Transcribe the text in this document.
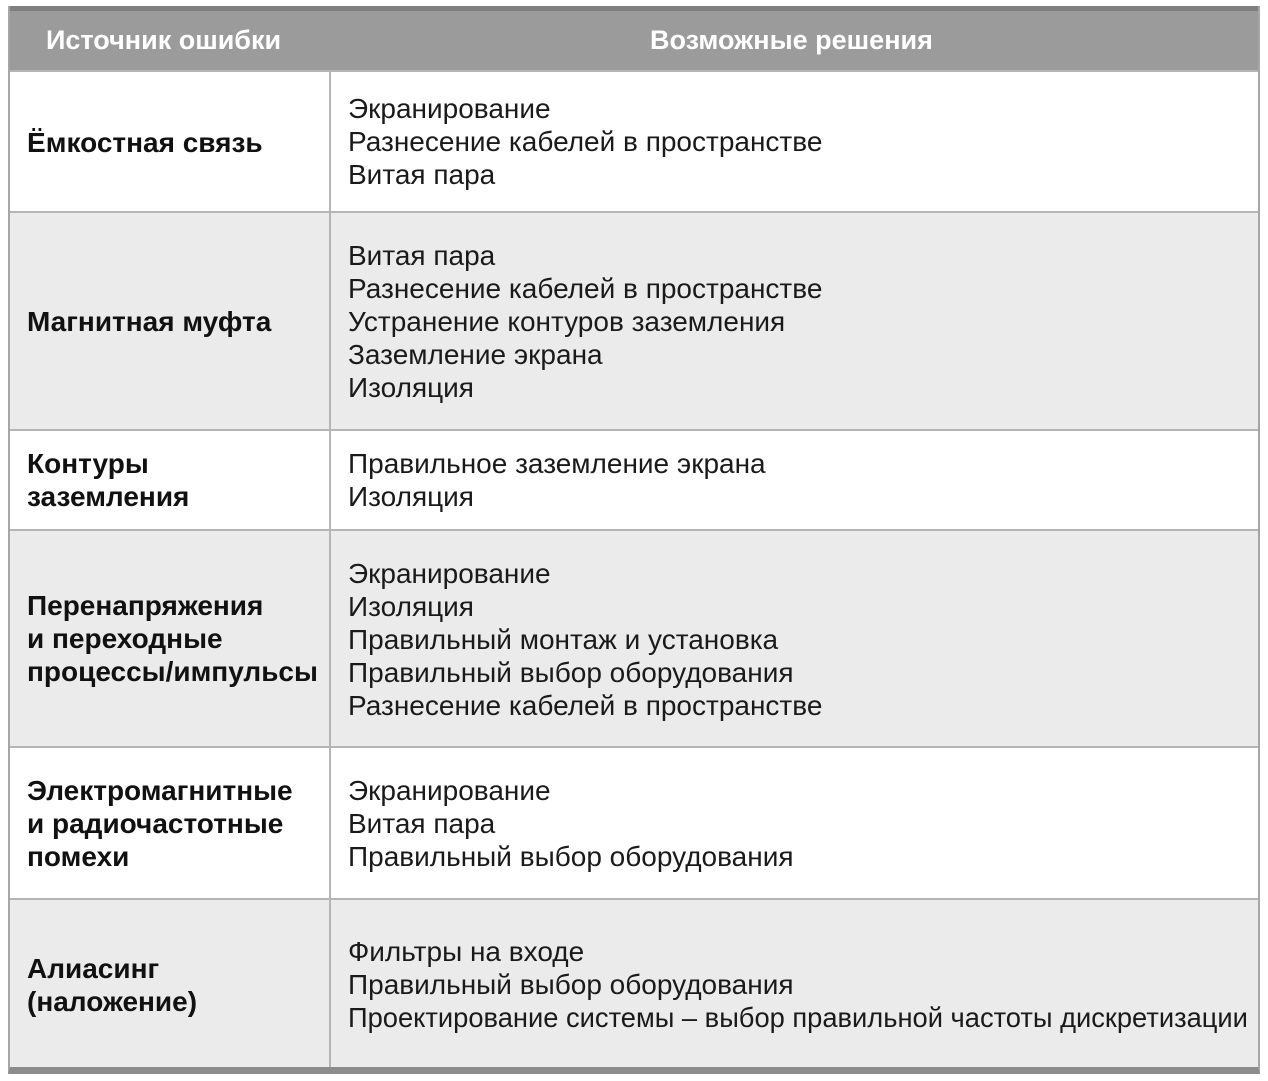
Источник ошибки	Возможные решения
Ёмкостная связь
Экранирование
Разнесение кабелей в пространстве
Витая пара
Магнитная муфта
Витая пара
Разнесение кабелей в пространстве
Устранение контуров заземления
Заземление экрана
Изоляция
Контуры
заземления
Правильное заземление экрана
Изоляция
Перенапряжения
и переходные
процессы/импульсы
Экранирование
Изоляция
Правильный монтаж и установка
Правильный выбор оборудования
Разнесение кабелей в пространстве
Электромагнитные
и радиочастотные
помехи
Экранирование
Витая пара
Правильный выбор оборудования
Алиасинг
(наложение)
Фильтры на входе
Правильный выбор оборудования
Проектирование системы – выбор правильной частоты дискретизации
